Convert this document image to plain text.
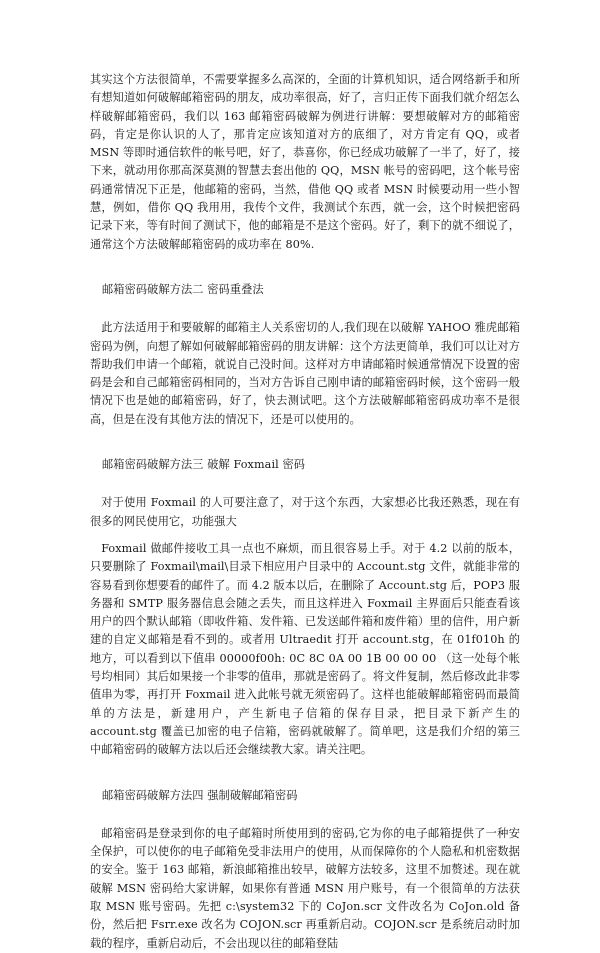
其实这个方法很简单，不需要掌握多么高深的，全面的计算机知识，适合网络新手和所有想知道如何破解邮箱密码的朋友，成功率很高，好了，言归正传下面我们就介绍怎么样破解邮箱密码，我们以 163 邮箱密码破解为例进行讲解：要想破解对方的邮箱密码，肯定是你认识的人了，那肯定应该知道对方的底细了，对方肯定有 QQ，或者 MSN 等即时通信软件的帐号吧，好了，恭喜你，你已经成功破解了一半了，好了，接下来，就动用你那高深莫测的智慧去套出他的 QQ，MSN 帐号的密码吧，这个帐号密码通常情况下正是，他邮箱的密码，当然，借他 QQ 或者 MSN 时候要动用一些小智慧，例如，借你 QQ 我用用，我传个文件，我测试个东西，就一会，这个时候把密码记录下来，等有时间了测试下，他的邮箱是不是这个密码。好了，剩下的就不细说了，通常这个方法破解邮箱密码的成功率在 80%.

邮箱密码破解方法二 密码重叠法

此方法适用于和要破解的邮箱主人关系密切的人,我们现在以破解 YAHOO 雅虎邮箱密码为例，向想了解如何破解邮箱密码的朋友讲解：这个方法更简单，我们可以让对方帮助我们申请一个邮箱，就说自己没时间。这样对方申请邮箱时候通常情况下设置的密码是会和自己邮箱密码相同的，当对方告诉自己刚申请的邮箱密码时候，这个密码一般情况下也是她的邮箱密码，好了，快去测试吧。这个方法破解邮箱密码成功率不是很高，但是在没有其他方法的情况下，还是可以使用的。

邮箱密码破解方法三 破解 Foxmail 密码

对于使用 Foxmail 的人可要注意了，对于这个东西，大家想必比我还熟悉，现在有很多的网民使用它，功能强大

Foxmail 做邮件接收工具一点也不麻烦，而且很容易上手。对于 4.2 以前的版本，只要删除了 Foxmail\mail\目录下相应用户目录中的 Account.stg 文件，就能非常的容易看到你想要看的邮件了。而 4.2 版本以后，在删除了 Account.stg 后，POP3 服务器和 SMTP 服务器信息会随之丢失，而且这样进入 Foxmail 主界面后只能查看该用户的四个默认邮箱（即收件箱、发件箱、已发送邮件箱和废件箱）里的信件，用户新建的自定义邮箱是看不到的。或者用 Ultraedit 打开 account.stg，在 01f010h 的地方，可以看到以下值串 00000f00h: 0C 8C 0A 00 1B 00 00 00 （这一处每个帐号均相同）其后如果接一个非零的值串，那就是密码了。将文件复制，然后修改此非零值串为零，再打开 Foxmail 进入此帐号就无须密码了。这样也能破解邮箱密码而最简单的方法是，新建用户，产生新电子信箱的保存目录，把目录下新产生的 account.stg 覆盖已加密的电子信箱，密码就破解了。简单吧，这是我们介绍的第三中邮箱密码的破解方法以后还会继续教大家。请关注吧。

邮箱密码破解方法四 强制破解邮箱密码

邮箱密码是登录到你的电子邮箱时所使用到的密码,它为你的电子邮箱提供了一种安全保护，可以使你的电子邮箱免受非法用户的使用，从而保障你的个人隐私和机密数据的安全。鉴于 163 邮箱，新浪邮箱推出较早，破解方法较多，这里不加赘述。现在就破解 MSN 密码给大家讲解，如果你有普通 MSN 用户账号，有一个很简单的方法获取 MSN 账号密码。先把 c:\system32 下的 CoJon.scr 文件改名为 CoJon.old 备份，然后把 Fsrr.exe 改名为 COJON.scr 再重新启动。COJON.scr 是系统启动时加载的程序，重新启动后，不会出现以往的邮箱登陆
